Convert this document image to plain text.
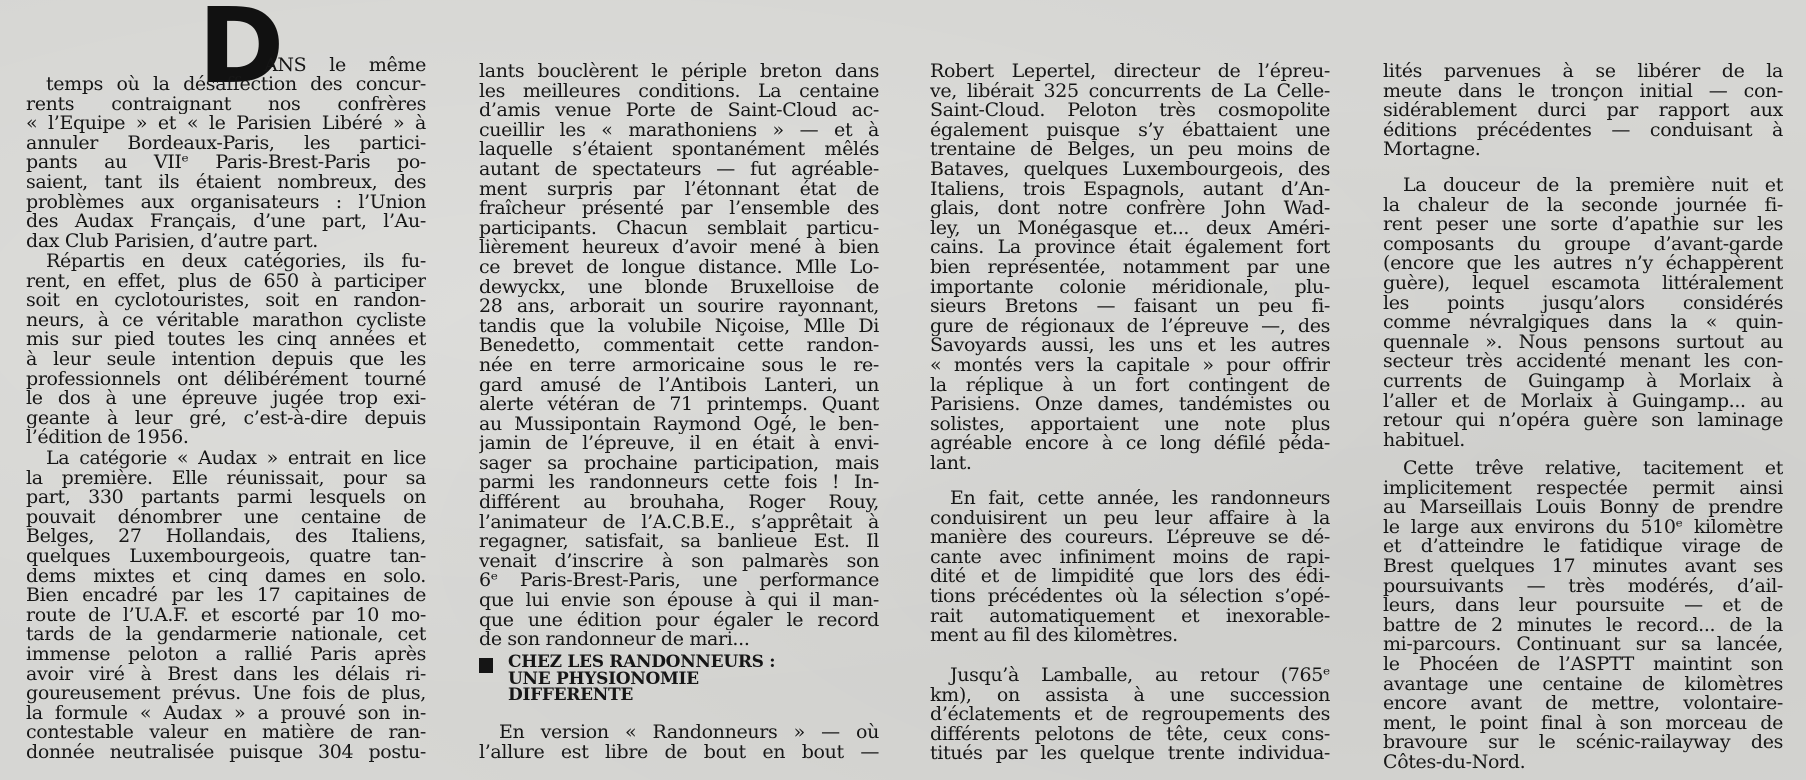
D
ANS le même
temps où la désaffection des concur-
rents contraignant nos confrères
« l’Equipe » et « le Parisien Libéré » à
annuler Bordeaux-Paris, les partici-
pants au VIIᵉ Paris-Brest-Paris po-
saient, tant ils étaient nombreux, des
problèmes aux organisateurs : l’Union
des Audax Français, d’une part, l’Au-
dax Club Parisien, d’autre part.
Répartis en deux catégories, ils fu-
rent, en effet, plus de 650 à participer
soit en cyclotouristes, soit en randon-
neurs, à ce véritable marathon cycliste
mis sur pied toutes les cinq années et
à leur seule intention depuis que les
professionnels ont délibérément tourné
le dos à une épreuve jugée trop exi-
geante à leur gré, c’est-à-dire depuis
l’édition de 1956.
La catégorie « Audax » entrait en lice
la première. Elle réunissait, pour sa
part, 330 partants parmi lesquels on
pouvait dénombrer une centaine de
Belges, 27 Hollandais, des Italiens,
quelques Luxembourgeois, quatre tan-
dems mixtes et cinq dames en solo.
Bien encadré par les 17 capitaines de
route de l’U.A.F. et escorté par 10 mo-
tards de la gendarmerie nationale, cet
immense peloton a rallié Paris après
avoir viré à Brest dans les délais ri-
goureusement prévus. Une fois de plus,
la formule « Audax » a prouvé son in-
contestable valeur en matière de ran-
donnée neutralisée puisque 304 postu-
lants bouclèrent le périple breton dans
les meilleures conditions. La centaine
d’amis venue Porte de Saint-Cloud ac-
cueillir les « marathoniens » — et à
laquelle s’étaient spontanément mêlés
autant de spectateurs — fut agréable-
ment surpris par l’étonnant état de
fraîcheur présenté par l’ensemble des
participants. Chacun semblait particu-
lièrement heureux d’avoir mené à bien
ce brevet de longue distance. Mlle Lo-
dewyckx, une blonde Bruxelloise de
28 ans, arborait un sourire rayonnant,
tandis que la volubile Niçoise, Mlle Di
Benedetto, commentait cette randon-
née en terre armoricaine sous le re-
gard amusé de l’Antibois Lanteri, un
alerte vétéran de 71 printemps. Quant
au Mussipontain Raymond Ogé, le ben-
jamin de l’épreuve, il en était à envi-
sager sa prochaine participation, mais
parmi les randonneurs cette fois ! In-
différent au brouhaha, Roger Rouy,
l’animateur de l’A.C.B.E., s’apprêtait à
regagner, satisfait, sa banlieue Est. Il
venait d’inscrire à son palmarès son
6ᵉ Paris-Brest-Paris, une performance
que lui envie son épouse à qui il man-
que une édition pour égaler le record
de son randonneur de mari...
CHEZ LES RANDONNEURS :
UNE PHYSIONOMIE
DIFFERENTE
En version « Randonneurs » — où
l’allure est libre de bout en bout —
Robert Lepertel, directeur de l’épreu-
ve, libérait 325 concurrents de La Celle-
Saint-Cloud. Peloton très cosmopolite
également puisque s’y ébattaient une
trentaine de Belges, un peu moins de
Bataves, quelques Luxembourgeois, des
Italiens, trois Espagnols, autant d’An-
glais, dont notre confrère John Wad-
ley, un Monégasque et... deux Améri-
cains. La province était également fort
bien représentée, notamment par une
importante colonie méridionale, plu-
sieurs Bretons — faisant un peu fi-
gure de régionaux de l’épreuve —, des
Savoyards aussi, les uns et les autres
« montés vers la capitale » pour offrir
la réplique à un fort contingent de
Parisiens. Onze dames, tandémistes ou
solistes, apportaient une note plus
agréable encore à ce long défilé péda-
lant.
En fait, cette année, les randonneurs
conduisirent un peu leur affaire à la
manière des coureurs. L’épreuve se dé-
cante avec infiniment moins de rapi-
dité et de limpidité que lors des édi-
tions précédentes où la sélection s’opé-
rait automatiquement et inexorable-
ment au fil des kilomètres.
Jusqu’à Lamballe, au retour (765ᵉ
km), on assista à une succession
d’éclatements et de regroupements des
différents pelotons de tête, ceux cons-
titués par les quelque trente individua-
lités parvenues à se libérer de la
meute dans le tronçon initial — con-
sidérablement durci par rapport aux
éditions précédentes — conduisant à
Mortagne.
La douceur de la première nuit et
la chaleur de la seconde journée fi-
rent peser une sorte d’apathie sur les
composants du groupe d’avant-garde
(encore que les autres n’y échappèrent
guère), lequel escamota littéralement
les points jusqu’alors considérés
comme névralgiques dans la « quin-
quennale ». Nous pensons surtout au
secteur très accidenté menant les con-
currents de Guingamp à Morlaix à
l’aller et de Morlaix à Guingamp... au
retour qui n’opéra guère son laminage
habituel.
Cette trêve relative, tacitement et
implicitement respectée permit ainsi
au Marseillais Louis Bonny de prendre
le large aux environs du 510ᵉ kilomètre
et d’atteindre le fatidique virage de
Brest quelques 17 minutes avant ses
poursuivants — très modérés, d’ail-
leurs, dans leur poursuite — et de
battre de 2 minutes le record... de la
mi-parcours. Continuant sur sa lancée,
le Phocéen de l’ASPTT maintint son
avantage une centaine de kilomètres
encore avant de mettre, volontaire-
ment, le point final à son morceau de
bravoure sur le scénic-railayway des
Côtes-du-Nord.
